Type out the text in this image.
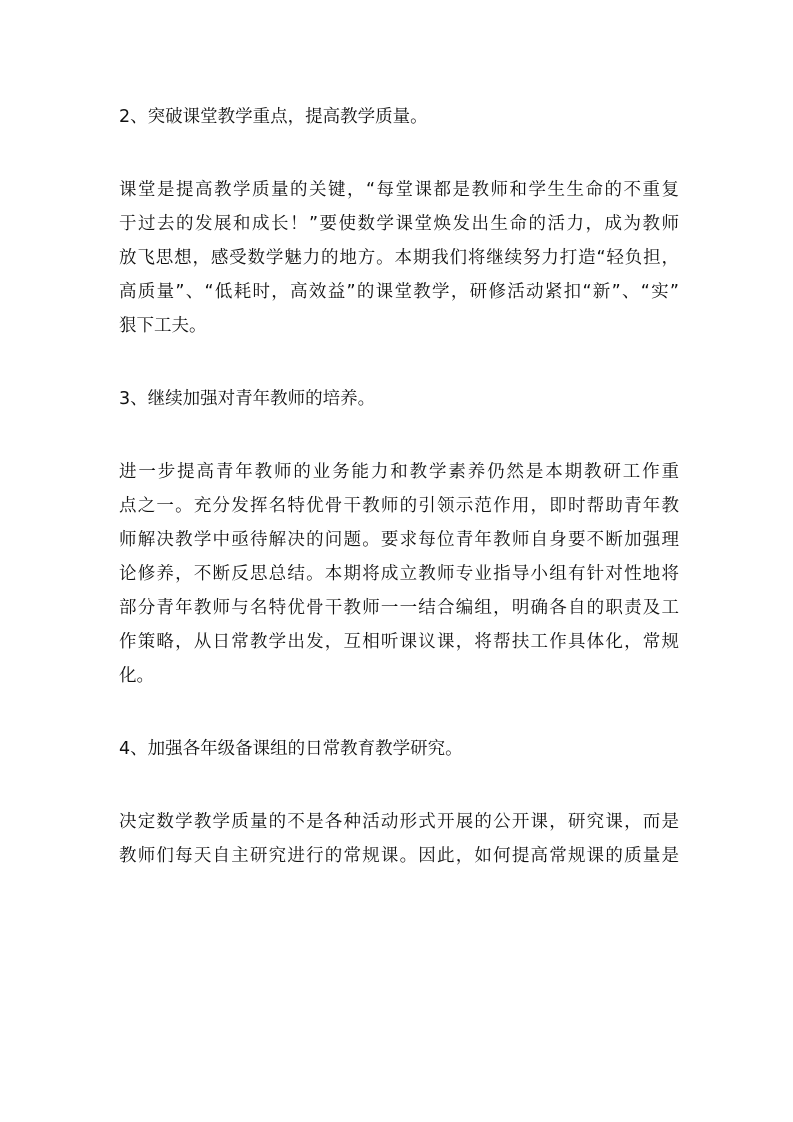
2、突破课堂教学重点，提高教学质量。

课堂是提高教学质量的关键，“每堂课都是教师和学生生命的不重复
于过去的发展和成长！”要使数学课堂焕发出生命的活力，成为教师
放飞思想，感受数学魅力的地方。本期我们将继续努力打造“轻负担，
高质量”、“低耗时，高效益”的课堂教学，研修活动紧扣“新”、“实”
狠下工夫。

3、继续加强对青年教师的培养。

进一步提高青年教师的业务能力和教学素养仍然是本期教研工作重
点之一。充分发挥名特优骨干教师的引领示范作用，即时帮助青年教
师解决教学中亟待解决的问题。要求每位青年教师自身要不断加强理
论修养，不断反思总结。本期将成立教师专业指导小组有针对性地将
部分青年教师与名特优骨干教师一一结合编组，明确各自的职责及工
作策略，从日常教学出发，互相听课议课，将帮扶工作具体化，常规
化。

4、加强各年级备课组的日常教育教学研究。

决定数学教学质量的不是各种活动形式开展的公开课，研究课，而是
教师们每天自主研究进行的常规课。因此，如何提高常规课的质量是
